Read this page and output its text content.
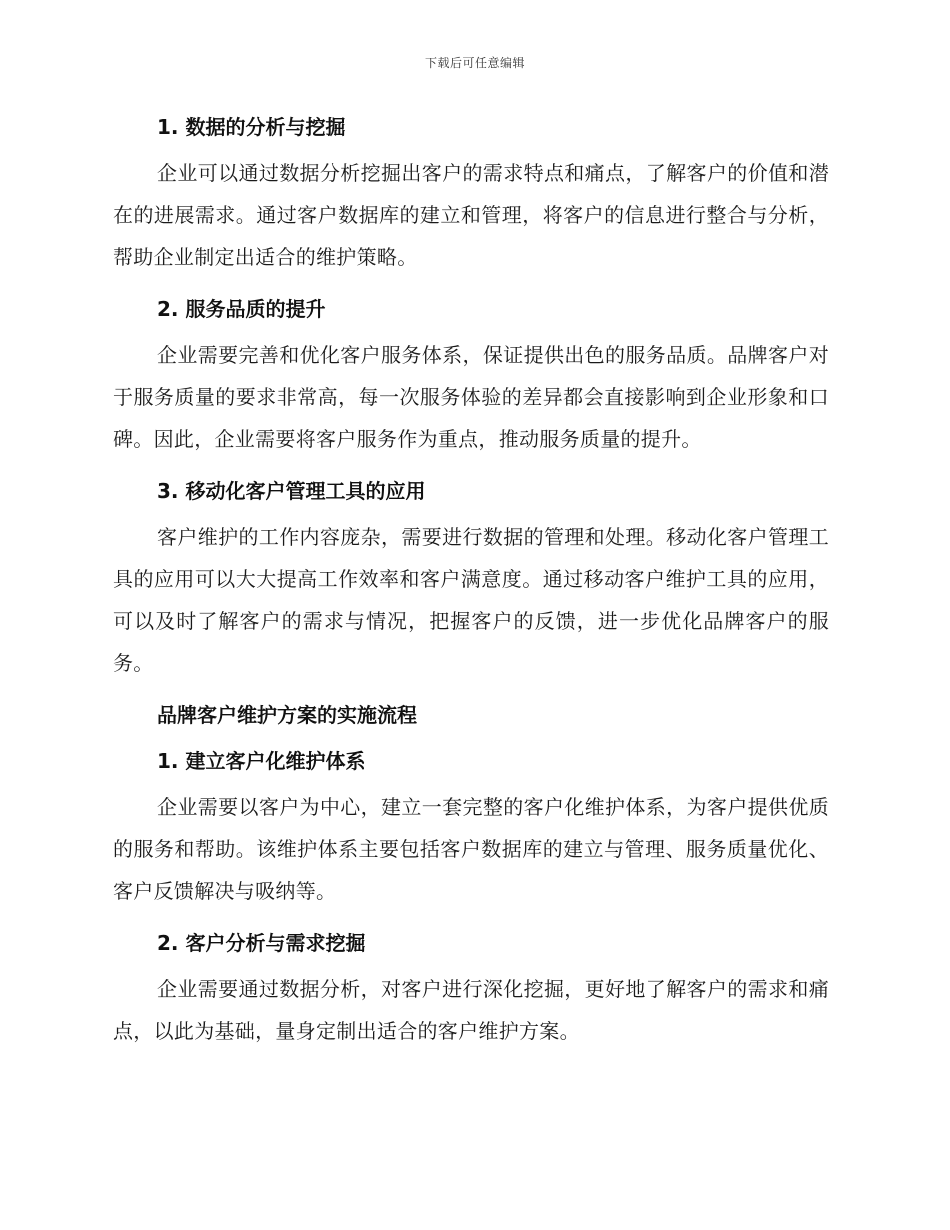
下载后可任意编辑
1. 数据的分析与挖掘

企业可以通过数据分析挖掘出客户的需求特点和痛点，了解客户的价值和潜在的进展需求。通过客户数据库的建立和管理，将客户的信息进行整合与分析，帮助企业制定出适合的维护策略。

2. 服务品质的提升

企业需要完善和优化客户服务体系，保证提供出色的服务品质。品牌客户对于服务质量的要求非常高，每一次服务体验的差异都会直接影响到企业形象和口碑。因此，企业需要将客户服务作为重点，推动服务质量的提升。

3. 移动化客户管理工具的应用

客户维护的工作内容庞杂，需要进行数据的管理和处理。移动化客户管理工具的应用可以大大提高工作效率和客户满意度。通过移动客户维护工具的应用，可以及时了解客户的需求与情况，把握客户的反馈，进一步优化品牌客户的服务。

品牌客户维护方案的实施流程
1. 建立客户化维护体系

企业需要以客户为中心，建立一套完整的客户化维护体系，为客户提供优质的服务和帮助。该维护体系主要包括客户数据库的建立与管理、服务质量优化、客户反馈解决与吸纳等。

2. 客户分析与需求挖掘

企业需要通过数据分析，对客户进行深化挖掘，更好地了解客户的需求和痛点，以此为基础，量身定制出适合的客户维护方案。
